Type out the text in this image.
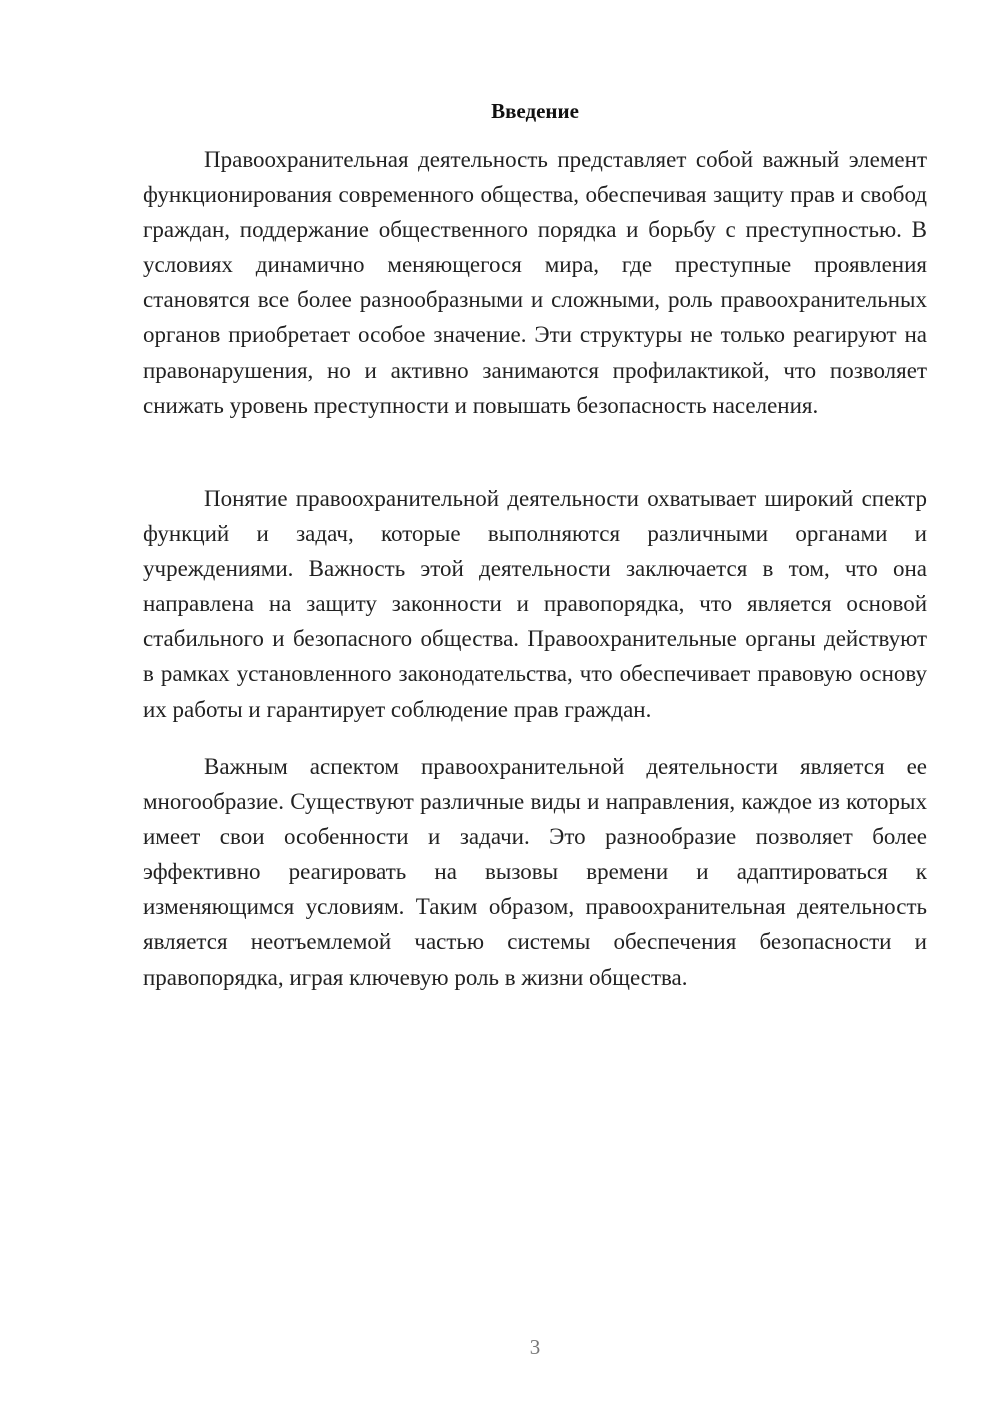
Введение

Правоохранительная деятельность представляет собой важный элемент функционирования современного общества, обеспечивая защиту прав и свобод граждан, поддержание общественного порядка и борьбу с преступностью. В условиях динамично меняющегося мира, где преступные проявления становятся все более разнообразными и сложными, роль правоохранительных органов приобретает особое значение. Эти структуры не только реагируют на правонарушения, но и активно занимаются профилактикой, что позволяет снижать уровень преступности и повышать безопасность населения.

Понятие правоохранительной деятельности охватывает широкий спектр функций и задач, которые выполняются различными органами и учреждениями. Важность этой деятельности заключается в том, что она направлена на защиту законности и правопорядка, что является основой стабильного и безопасного общества. Правоохранительные органы действуют в рамках установленного законодательства, что обеспечивает правовую основу их работы и гарантирует соблюдение прав граждан.

Важным аспектом правоохранительной деятельности является ее многообразие. Существуют различные виды и направления, каждое из которых имеет свои особенности и задачи. Это разнообразие позволяет более эффективно реагировать на вызовы времени и адаптироваться к изменяющимся условиям. Таким образом, правоохранительная деятельность является неотъемлемой частью системы обеспечения безопасности и правопорядка, играя ключевую роль в жизни общества.

3
